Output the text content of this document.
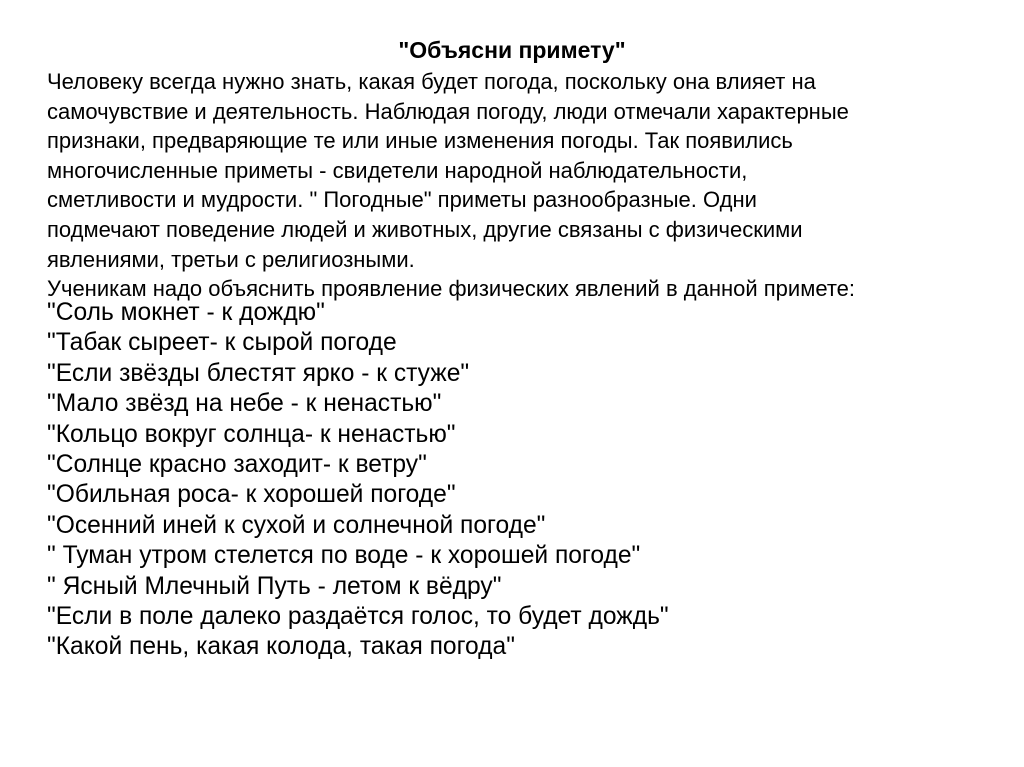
"Объясни примету"
Человеку всегда нужно знать, какая будет погода, поскольку она влияет на
самочувствие и деятельность. Наблюдая погоду, люди отмечали характерные
признаки, предваряющие те или иные изменения погоды. Так появились
многочисленные приметы - свидетели народной наблюдательности,
сметливости и мудрости. " Погодные" приметы разнообразные. Одни
подмечают поведение людей и животных, другие связаны с физическими
явлениями, третьи с религиозными.
Ученикам надо объяснить проявление физических явлений в данной примете:
"Соль мокнет - к дождю"
"Табак сыреет- к сырой погоде
"Если звёзды блестят ярко - к стуже"
"Мало звёзд на небе - к ненастью"
"Кольцо вокруг солнца- к ненастью"
"Солнце красно заходит- к ветру"
"Обильная роса- к хорошей погоде"
"Осенний иней к сухой и солнечной погоде"
" Туман утром стелется по воде - к хорошей погоде"
" Ясный Млечный Путь - летом к вёдру"
"Если в поле далеко раздаётся голос, то будет дождь"
"Какой пень, какая колода, такая погода"
